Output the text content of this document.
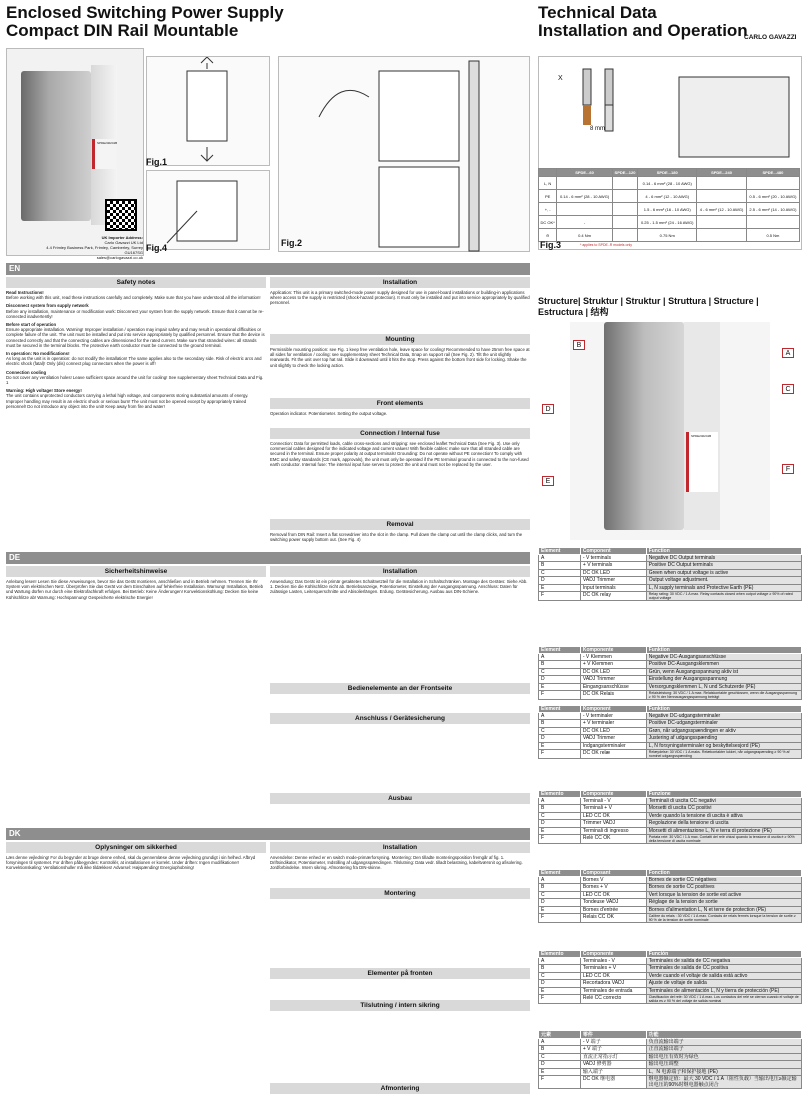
Enclosed Switching Power Supply
Compact DIN Rail Mountable
Technical Data
Installation and Operation
CARLO GAVAZZI
SPDE240241B
UK Importer Address:
Carlo Gavazzi UK Ltd
4.4 Frimley Business Park, Frimley, Camberley, Surrey
GU167SG
sales@carlogavazzi.co.uk
Fig.1
Fig.4	Fig.2
X
8 mm
	SPDE...60	SPDE...120	SPDE...180	SPDE...240	SPDE...480
L, N			0.14 - 6 mm² (28 - 10 AWG)		
PE	0.14 - 6 mm² (28 - 10 AWG)		4 - 6 mm² (12 - 10 AWG)		0.5 - 6 mm² (20 - 10 AWG)
+, -			1.5 - 6 mm² (16 - 10 AWG)	4 - 6 mm² (12 - 10 AWG)	2.5 - 6 mm² (14 - 10 AWG)
DC OK*	-		0.25 - 1.5 mm² (24 - 16 AWG)		
⊖	0.4 Nm		0.75 Nm		0.5 Nm
Fig.3	* applies to SPDE..R models only
Structure| Struktur | Struktur | Struttura | Structure | Estructura | 结构
SPDE240241B
B
A
C
D
F
E
Element	Component	Function
A	- V terminals	Negative DC Output terminals
B	+ V terminals	Positive DC Output terminals
C	DC OK LED	Green when output voltage is active
D	VADJ Trimmer	Output voltage adjustment.
E	Input terminals	L, N supply terminals and Protective Earth (PE)
F	DC OK relay	Relay rating: 30 VDC / 1 A max. Relay contacts closed when output voltage ≥ 90% of rated output voltage
Element	Komponente	Funktion
A	- V Klemmen	Negative DC-Ausgangsanschlüsse
B	+ V Klemmen	Positive DC-Ausgangsklemmen
C	DC OK LED	Grün, wenn Ausgangsspannung aktiv ist
D	VADJ Trimmer	Einstellung der Ausgangsspannung
E	Eingangsanschlüsse	Versorgungsklemmen L, N und Schutzerde (PE)
F	DC OK Relais	Relaisleistung: 30 VDC / 1 A max. Relaiskontakte geschlossen, wenn die Ausgangsspannung ≥ 90 % der Nennausgangsspannung beträgt
Element	Komponent	Funktion
A	- V terminaler	Negative DC-udgangsterminaler
B	+ V terminaler	Positive DC-udgangsterminaler
C	DC OK LED	Grøn, når udgangsspændingen er aktiv
D	VADJ Trimmer	Justering af udgangsspænding
E	Indgangsterminaler	L, N forsyningsterminaler og beskyttelsesjord (PE)
F	DC OK relæ	Relæydelse: 30 VDC / 1 A maks. Relækontakter lukket, når udgangsspænding ≥ 90 % af nominel udgangsspænding
Elemento	Componente	Funzione
A	Terminali - V	Terminali di uscita CC negativi
B	Terminali + V	Morsetti di uscita CC positivi
C	LED CC OK	Verde quando la tensione di uscita è attiva
D	Trimmer VADJ	Regolazione della tensione di uscita
E	Terminali di ingresso	Morsetti di alimentazione L, N e terra di protezione (PE)
F	Relè CC OK	Portata relè: 30 VDC / 1 A max. Contatti del relè chiusi quando la tensione di uscita è ≥ 90% della tensione di uscita nominale
Element	Composant	Fonction
A	Bornes V	Bornes de sortie CC négatives
B	Bornes + V	Bornes de sortie CC positives
C	LED CC OK	Vert lorsque la tension de sortie est active
D	Tondeuse VADJ	Réglage de la tension de sortie
E	Bornes d'entrée	Bornes d'alimentation L, N et terre de protection (PE)
F	Relais CC OK	Calibre du relais : 30 VDC / 1 A max. Contacts de relais fermés lorsque la tension de sortie ≥ 90 % de la tension de sortie nominale
Elemento	Componente	Función
A	Terminales - V	Terminales de salida de CC negativa
B	Terminales + V	Terminales de salida de CC positiva
C	LED CC OK	Verde cuando el voltaje de salida está activo
D	Recortadora VADJ	Ajuste de voltaje de salida
E	Terminales de entrada	Terminales de alimentación L, N y tierra de protección (PE)
F	Relé CC correcto	Clasificación del relé: 30 VDC / 1 A max. Los contactos del relé se cierran cuando el voltaje de salida es ≥ 90 % del voltaje de salida nominal
元素	零件	功能
A	- V 端子	负直流输出端子
B	+ V 端子	正直流输出端子
C	直流正常指示灯	输出电压有效时为绿色
D	VADJ 修剪器	输出电压调整
E	输入端子	L、N 电源端子和保护接地 (PE)
F	DC OK 继电器	继电器额定值：最大 30 VDC / 1 A（阻性负载）当输出电压≥额定输出电压的90%时继电器触点闭合
EN
Safety notes	Installation
Read Instructions!
Before working with this unit, read these instructions carefully and completely. Make sure that you have understood all the information!
Disconnect system from supply network
Before any installation, maintenance or modification work: Disconnect your system from the supply network. Ensure that it cannot be re-connected inadvertently!
Before start of operation
Ensure appropriate installation. Warning! Improper installation / operation may impair safety and may result in operational difficulties or complete failure of the unit. The unit must be installed and put into service appropriately by qualified personnel. Ensure that the device is connected correctly and that the connecting cables are dimensioned for the rated current. Make sure that stranded wires: all strands must be secured in the terminal blocks. The protective earth conductor must be connected to the ground terminal.
In operation: No modifications!
As long as the unit is in operation: do not modify the installation! The same applies also to the secondary side. Risk of electric arcs and electric shock (fatal)! Only (dis) connect plug connectors when the power is off!
Connection cooling
Do not cover any ventilation holes! Leave sufficient space around the unit for cooling! See supplementary sheet Technical Data and Fig. 1
Warning: High voltage! Store energy!
The unit contains unprotected conductors carrying a lethal high voltage, and components storing substantial amounts of energy. Improper handling may result in an electric shock or serious burn! The unit must not be opened except by appropriately trained personnel! Do not introduce any object into the unit! Keep away from fire and water!
Application: This unit is a primary switched-mode power supply designed for use in panel-board installations or building-in applications where access to the supply is restricted (shock-hazard protection). It must only be installed and put into service appropriately by qualified personnel.
Mounting
Permissible mounting position: see Fig. 1 keep free ventilation hole, leave space for cooling! Recommended to have 25mm free space at all sides for ventilation / cooling: see supplementary sheet Technical Data, Snap on support rail (See Fig. 2). Tilt the unit slightly rearwards. Fit the unit over top hat rail. Slide it downward until it hits the stop. Press against the bottom front side for locking. Shake the unit slightly to check the locking action.
Front elements
Operation indicator. Potentiometer. Setting the output voltage.
Connection / Internal fuse
Connection: Data for permitted loads, cable cross-sections and stripping: see enclosed leaflet Technical Data (See Fig. 3). Use only commercial cables designed for the indicated voltage and current values! With flexible cables: make sure that all stranded cable are secured in the terminal. Ensure proper polarity at output terminals! Grounding: Do not operate without PE connection! To comply with EMC and safety standards (CE mark, approvals), the unit must only be operated if the PE terminal ground is connected to the non-fused earth conductor. Internal fuse: The internal input fuse serves to protect the unit and must not be replaced by the user.
Removal
Removal from DIN Rail: Insert a flat screwdriver into the slot in the clamp. Pull down the clamp out until the clamp clicks, and turn the switching power supply bottom out. (See Fig. 4)
DE
Sicherheitshinweise	Installation
Anleitung lesen! Lesen Sie diese Anweisungen, bevor Sie das Gerät montieren, anschließen und in Betrieb nehmen. Trennen Sie Ihr System vom elektrischen Netz. Überprüfen Sie das Gerät vor dem Einschalten auf fehlerfreie Installation. Warnung! Installation, Betrieb und Wartung dürfen nur durch eine Elektrofachkraft erfolgen. Bei Betrieb: Keine Änderungen! Konvektionskühlung: Decken Sie keine Kühlschlitze ab! Warnung: Hochspannung! Gespeicherte elektrische Energie!
Anwendung: Das Gerät ist ein primär getaktetes Schaltnetzteil für die Installation in Schaltschränken. Montage des Gerätes: Siehe Abb. 1. Decken Sie die Kühlschlitze nicht ab. Betriebsanzeige, Potentiometer, Einstellung der Ausgangsspannung. Anschluss: Daten für zulässige Lasten, Leiterquerschnitte und Abisolierlängen. Erdung. Gerätesicherung. Ausbau aus DIN-Schiene.
Bedienelemente an der Frontseite
Anschluss / Gerätesicherung
Ausbau
DK
Oplysninger om sikkerhed	Installation
Læs denne vejledning! For du begynder at bruge denne enhed, skal du gennemlæse denne vejledning grundigt i sin helhed. Afbryd forsyningen til systemet. For driften påbegyndes: Kontrollér, at installationen er korrekt. Under driften: Ingen modifikationer! Konvektionskøling: Ventilationshuller må ikke tildækkes! Advarsel: Højspænding! Energiophobning!
Anvendelse: Denne enhed er en switch mode-primærforsyning. Montering: Den tilladte monteringsposition fremgår af fig. 1. Driftsindikator, Potentiometer, Indstilling af udgangsspændingen. Tilslutning: Data vedr. tilladt belastning, kabeltværsnit og afisolering. Jordforbindelse. Intern sikring. Afmontering fra DIN-skinne.
Montering
Elementer på fronten
Tilslutning / intern sikring
Afmontering
